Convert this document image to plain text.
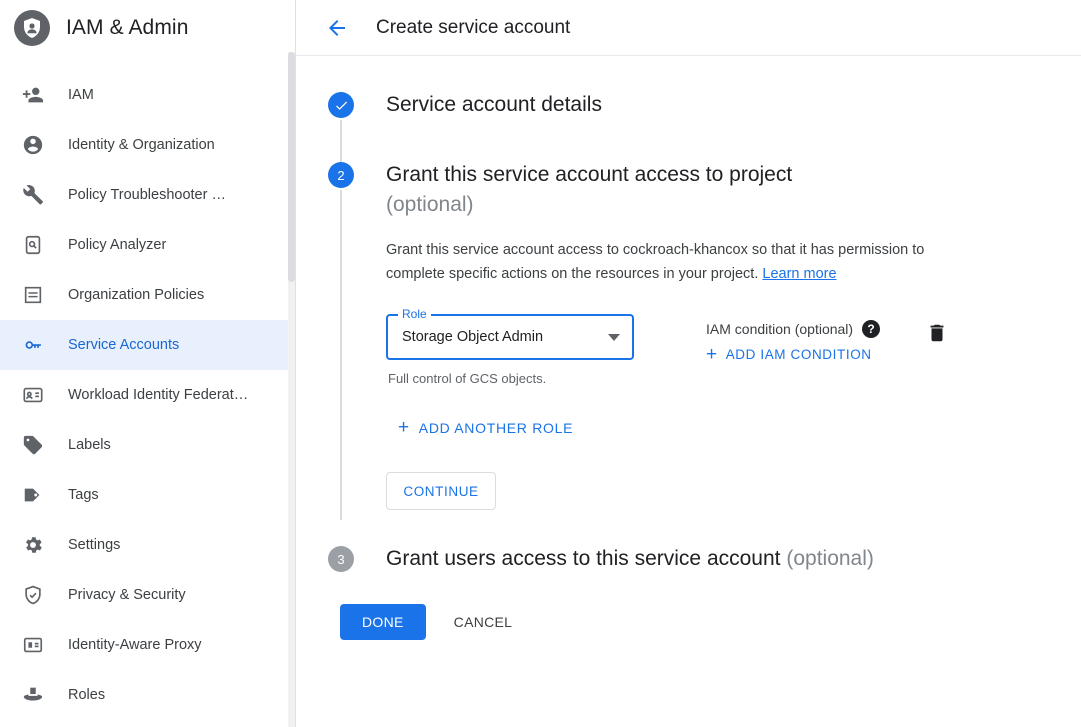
IAM & Admin
IAM
Identity & Organization
Policy Troubleshooter …
Policy Analyzer
Organization Policies
Service Accounts
Workload Identity Federat…
Labels
Tags
Settings
Privacy & Security
Identity-Aware Proxy
Roles
Create service account
Service account details
2	Grant this service account access to project
(optional)
Grant this service account access to cockroach-khancox so that it has permission to complete specific actions on the resources in your project. Learn more
Role
Storage Object Admin
Full control of GCS objects.
IAM condition (optional)	?
+ ADD IAM CONDITION
+ ADD ANOTHER ROLE
CONTINUE
3	Grant users access to this service account (optional)
DONE	CANCEL
